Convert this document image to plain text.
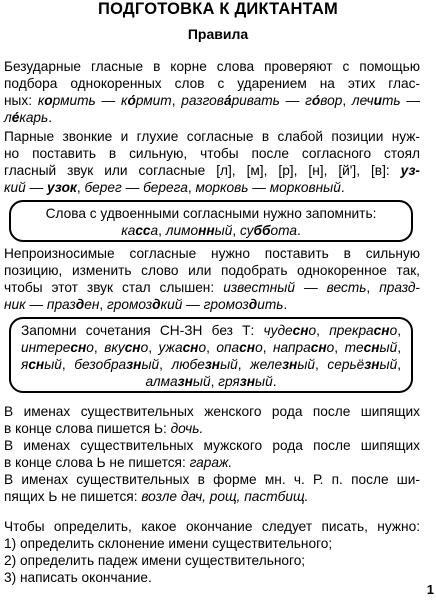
ПОДГОТОВКА К ДИКТАНТАМ
Правила
Безударные гласные в корне слова проверяют с помощью
подбора однокоренных слов с ударением на этих глас-
ных: кормить — ко́рмит, разгова́ривать — го́вор, лечить —
ле́карь.
Парные звонкие и глухие согласные в слабой позиции нуж-
но поставить в сильную, чтобы после согласного стоял
гласный звук или согласные [л], [м], [р], [н], [й'], [в]: уз-
кий — узок, берег — берега, морковь — морковный.
Слова с удвоенными согласными нужно запомнить:
касса, лимонный, суббота.
Непроизносимые согласные нужно поставить в сильную
позицию, изменить слово или подобрать однокоренное так,
чтобы этот звук стал слышен: известный — весть, празд-
ник — празден, громоздкий — громоздить.
Запомни сочетания СН-ЗН без Т: чудесно, прекрасно,
интересно, вкусно, ужасно, опасно, напрасно, тесный,
ясный, безобразный, любезный, железный, серьёзный,
алмазный, грязный.
В именах существительных женского рода после шипящих
в конце слова пишется Ь: дочь.
В именах существительных мужского рода после шипящих
в конце слова Ь не пишется: гараж.
В именах существительных в форме мн. ч. Р. п. после ши-
пящих Ь не пишется: возле дач, рощ, пастбищ.
Чтобы определить, какое окончание следует писать, нужно:
1) определить склонение имени существительного;
2) определить падеж имени существительного;
3) написать окончание.
1
